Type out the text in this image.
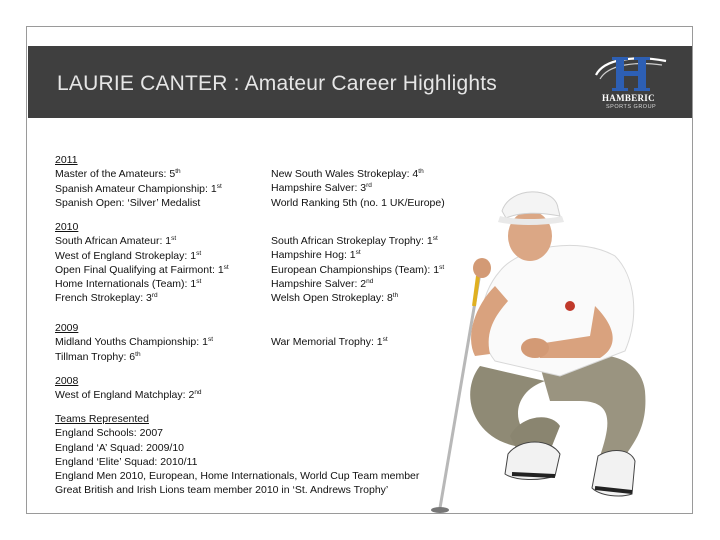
LAURIE CANTER : Amateur Career Highlights
HAMBERIC
SPORTS GROUP
2011
Master of the Amateurs: 5th
Spanish Amateur Championship: 1st
Spanish Open: ‘Silver’ Medalist
New South Wales Strokeplay: 4th
Hampshire Salver: 3rd
World Ranking 5th (no. 1 UK/Europe)
2010
South African Amateur: 1st
West of England Strokeplay: 1st
Open Final Qualifying at Fairmont: 1st
Home Internationals (Team): 1st
French Strokeplay: 3rd
South African Strokeplay Trophy: 1st
Hampshire Hog: 1st
European Championships (Team): 1st
Hampshire Salver: 2nd
Welsh Open Strokeplay: 8th
2009
Midland Youths Championship: 1st
Tillman Trophy: 6th
War Memorial Trophy: 1st
2008
West of England Matchplay: 2nd
Teams Represented
England Schools: 2007
England ‘A’ Squad: 2009/10
England ‘Elite’ Squad: 2010/11
England Men 2010, European, Home Internationals, World Cup Team member
Great British and Irish Lions team member 2010 in ‘St. Andrews Trophy’
